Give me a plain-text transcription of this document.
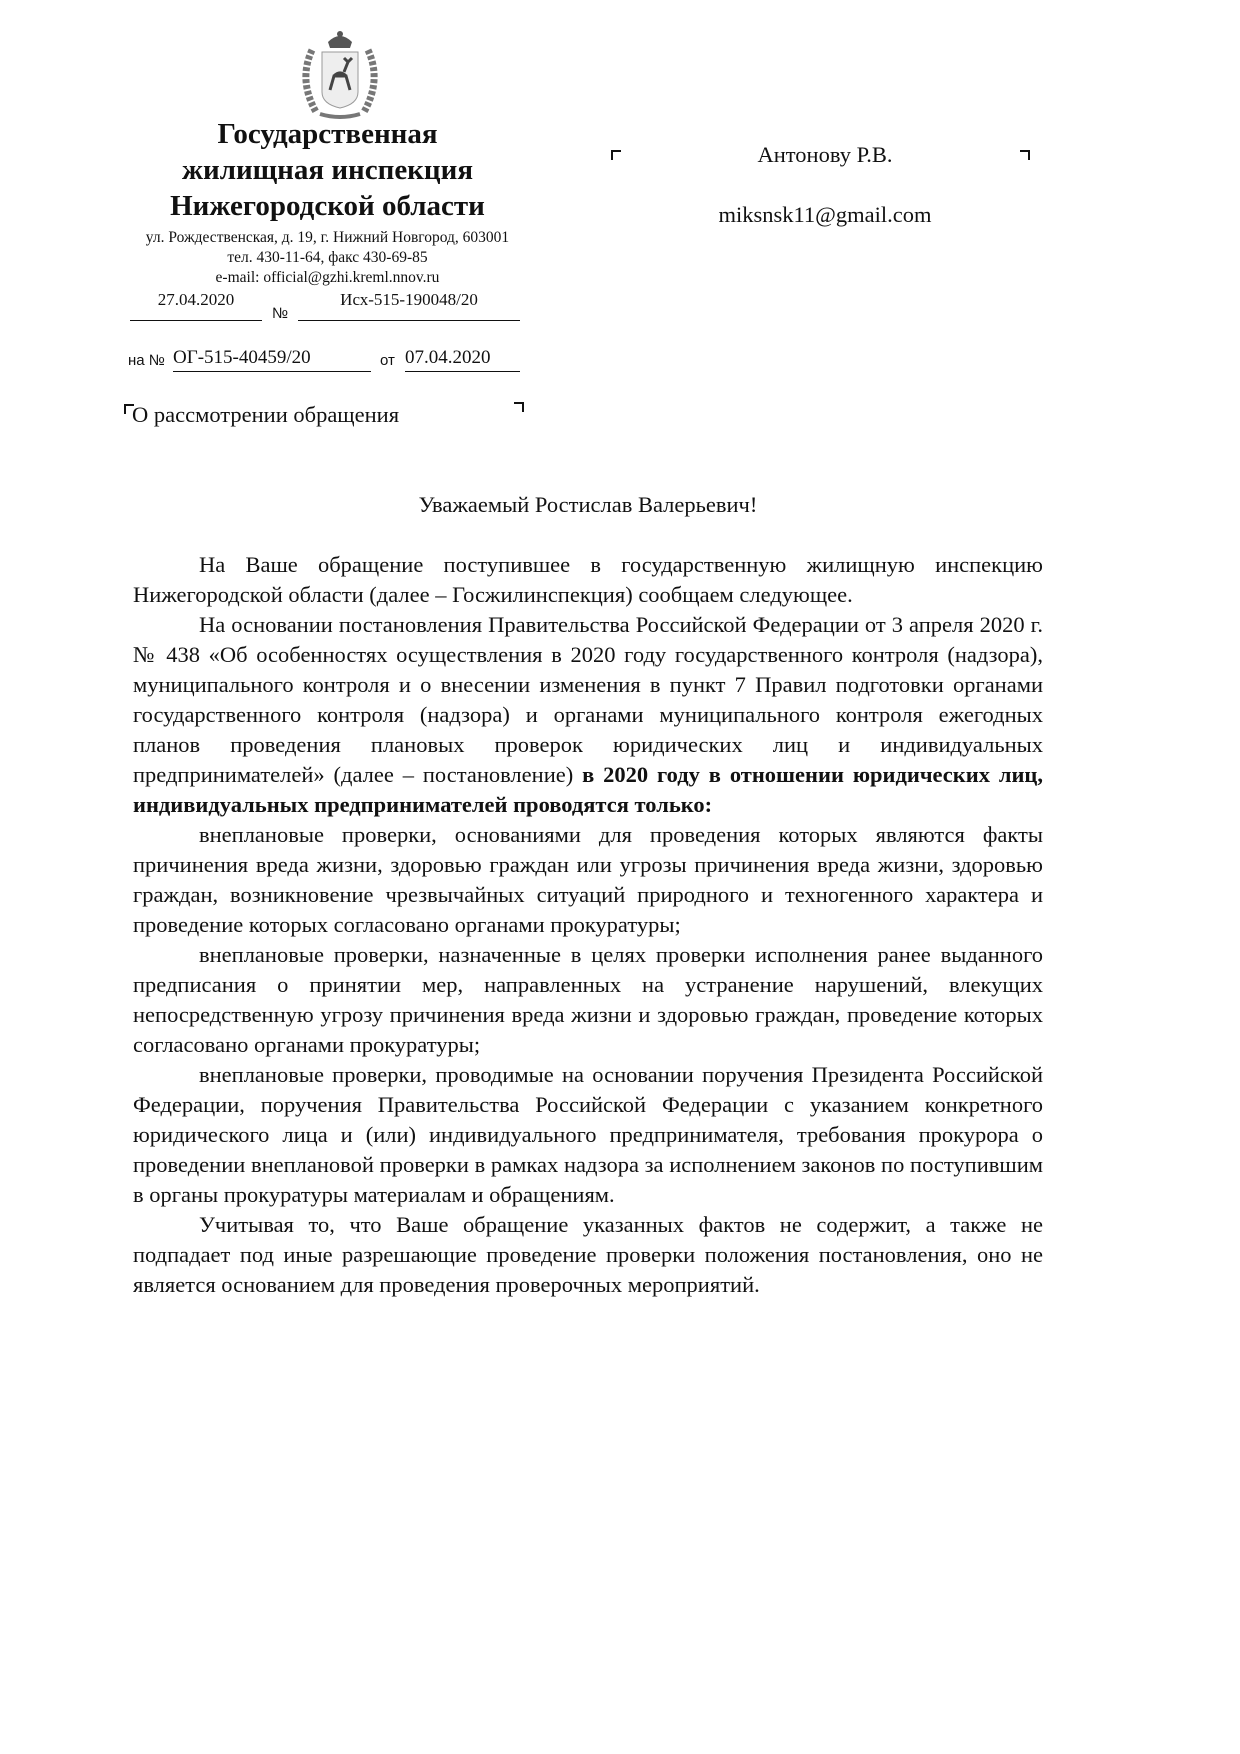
Государственная
жилищная инспекция
Нижегородской области
ул. Рождественская, д. 19, г. Нижний Новгород, 603001
тел. 430-11-64, факс 430-69-85
e-mail: official@gzhi.kreml.nnov.ru
27.04.2020
№
Исх-515-190048/20
на № ОГ-515-40459/20	от 07.04.2020
О рассмотрении обращения
Антонову Р.В.
miksnsk11@gmail.com
Уважаемый Ростислав Валерьевич!

На Ваше обращение поступившее в государственную жилищную инспекцию Нижегородской области (далее – Госжилинспекция) сообщаем следующее.

На основании постановления Правительства Российской Федерации от 3 апреля 2020 г. № 438 «Об особенностях осуществления в 2020 году государственного контроля (надзора), муниципального контроля и о внесении изменения в пункт 7 Правил подготовки органами государственного контроля (надзора) и органами муниципального контроля ежегодных планов проведения плановых проверок юридических лиц и индивидуальных предпринимателей» (далее – постановление) в 2020 году в отношении юридических лиц, индивидуальных предпринимателей проводятся только:

внеплановые проверки, основаниями для проведения которых являются факты причинения вреда жизни, здоровью граждан или угрозы причинения вреда жизни, здоровью граждан, возникновение чрезвычайных ситуаций природного и техногенного характера и проведение которых согласовано органами прокуратуры;

внеплановые проверки, назначенные в целях проверки исполнения ранее выданного предписания о принятии мер, направленных на устранение нарушений, влекущих непосредственную угрозу причинения вреда жизни и здоровью граждан, проведение которых согласовано органами прокуратуры;

внеплановые проверки, проводимые на основании поручения Президента Российской Федерации, поручения Правительства Российской Федерации с указанием конкретного юридического лица и (или) индивидуального предпринимателя, требования прокурора о проведении внеплановой проверки в рамках надзора за исполнением законов по поступившим в органы прокуратуры материалам и обращениям.

Учитывая то, что Ваше обращение указанных фактов не содержит, а также не подпадает под иные разрешающие проведение проверки положения постановления, оно не является основанием для проведения проверочных мероприятий.
